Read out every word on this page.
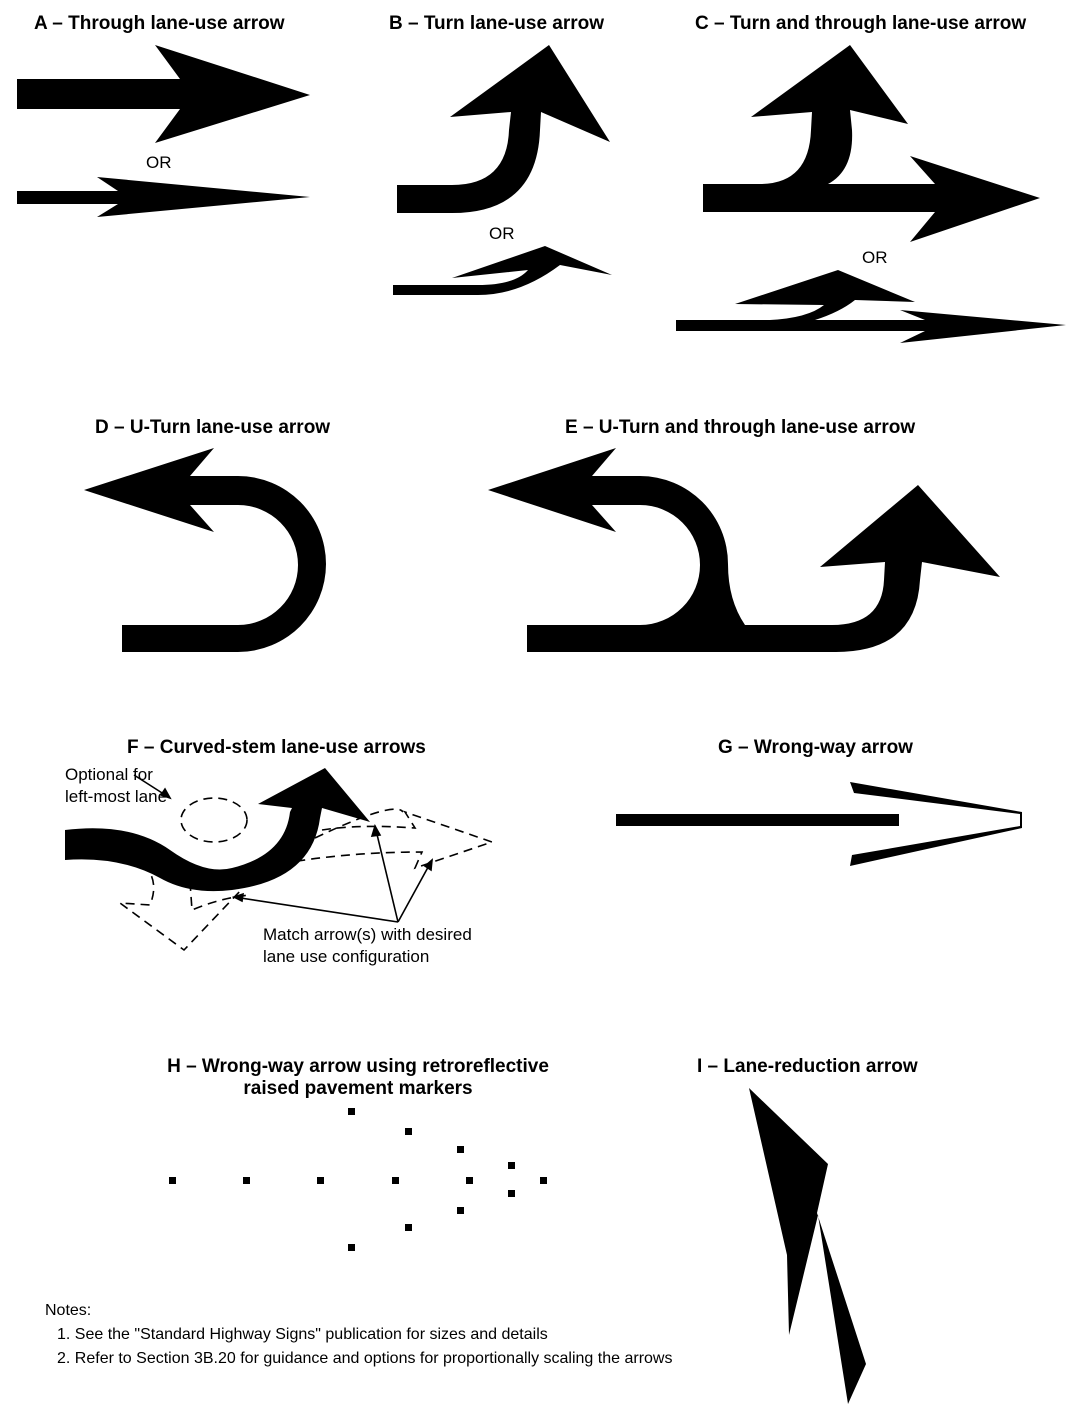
A – Through lane-use arrow	B – Turn lane-use arrow	C – Turn and through lane-use arrow
D – U-Turn lane-use arrow	E – U-Turn and through lane-use arrow
F – Curved-stem lane-use arrows	G – Wrong-way arrow
H – Wrong-way arrow using retroreflective
raised pavement markers
I – Lane-reduction arrow
OR
OR
OR
Optional for
left-most lane
Match arrow(s) with desired
lane use configuration
Notes:
1. See the "Standard Highway Signs" publication for sizes and details
2. Refer to Section 3B.20 for guidance and options for proportionally scaling the arrows
